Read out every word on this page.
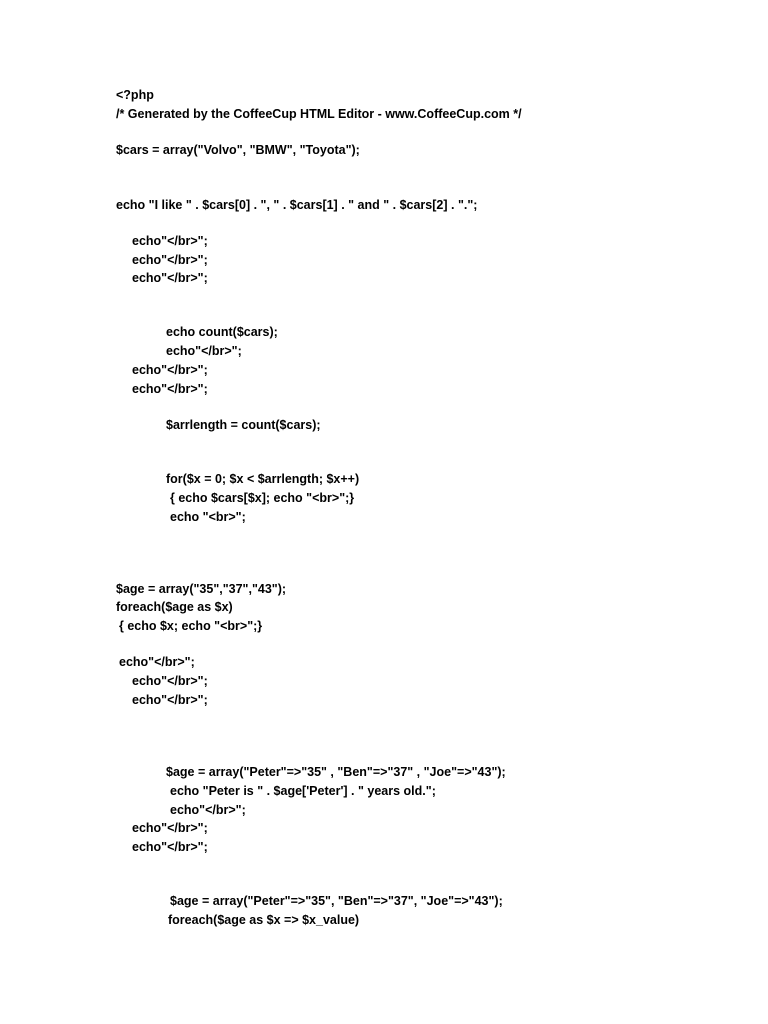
<?php
/* Generated by the CoffeeCup HTML Editor - www.CoffeeCup.com */
$cars = array("Volvo", "BMW", "Toyota");
echo "I like " . $cars[0] . ", " . $cars[1] . " and " . $cars[2] . ".";
echo"</br>";
echo"</br>";
echo"</br>";
echo count($cars);
echo"</br>";
echo"</br>";
echo"</br>";
$arrlength = count($cars);
for($x = 0; $x < $arrlength; $x++)
{ echo $cars[$x]; echo "<br>";}
echo "<br>";
$age = array("35","37","43");
foreach($age as $x)
{ echo $x; echo "<br>";}
echo"</br>";
echo"</br>";
echo"</br>";
$age = array("Peter"=>"35" , "Ben"=>"37" , "Joe"=>"43");
echo "Peter is " . $age['Peter'] . " years old.";
echo"</br>";
echo"</br>";
echo"</br>";
$age = array("Peter"=>"35", "Ben"=>"37", "Joe"=>"43");
foreach($age as $x => $x_value)
